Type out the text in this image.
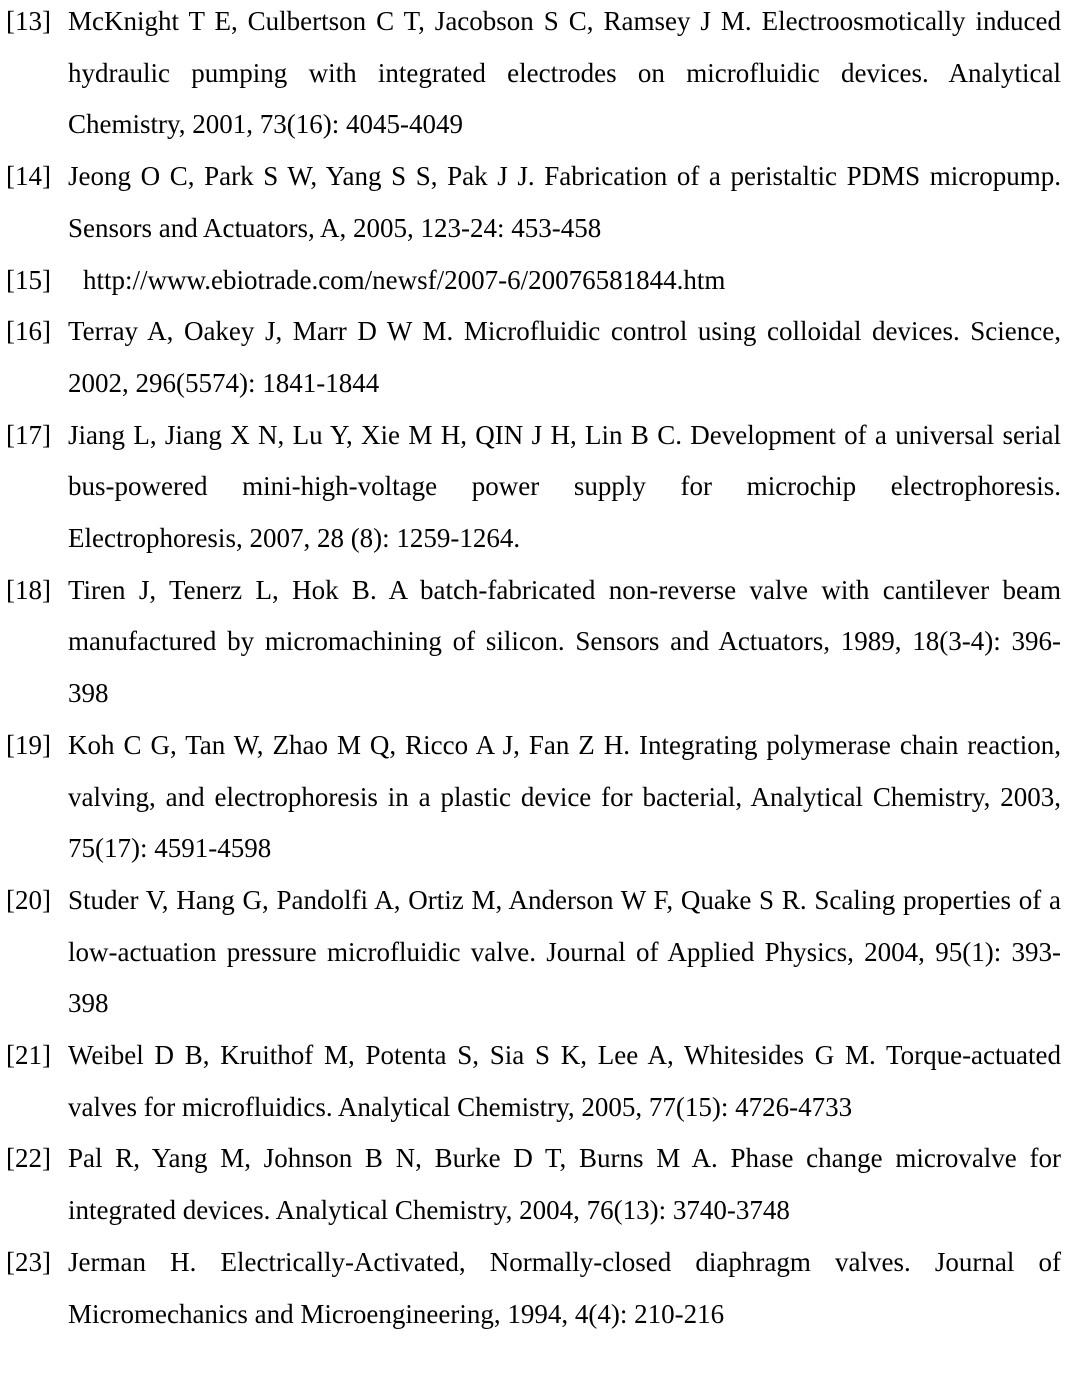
[13] McKnight T E, Culbertson C T, Jacobson S C, Ramsey J M. Electroosmotically induced hydraulic pumping with integrated electrodes on microfluidic devices. Analytical Chemistry, 2001, 73(16): 4045-4049
[14] Jeong O C, Park S W, Yang S S, Pak J J. Fabrication of a peristaltic PDMS micropump. Sensors and Actuators, A, 2005, 123-24: 453-458
[15]	http://www.ebiotrade.com/newsf/2007-6/20076581844.htm
[16] Terray A, Oakey J, Marr D W M. Microfluidic control using colloidal devices. Science, 2002, 296(5574): 1841-1844
[17] Jiang L, Jiang X N, Lu Y, Xie M H, QIN J H, Lin B C. Development of a universal serial bus-powered mini-high-voltage power supply for microchip electrophoresis. Electrophoresis, 2007, 28 (8): 1259-1264.
[18] Tiren J, Tenerz L, Hok B. A batch-fabricated non-reverse valve with cantilever beam manufactured by micromachining of silicon. Sensors and Actuators, 1989, 18(3-4): 396-398
[19] Koh C G, Tan W, Zhao M Q, Ricco A J, Fan Z H. Integrating polymerase chain reaction, valving, and electrophoresis in a plastic device for bacterial, Analytical Chemistry, 2003, 75(17): 4591-4598
[20] Studer V, Hang G, Pandolfi A, Ortiz M, Anderson W F, Quake S R. Scaling properties of a low-actuation pressure microfluidic valve. Journal of Applied Physics, 2004, 95(1): 393-398
[21] Weibel D B, Kruithof M, Potenta S, Sia S K, Lee A, Whitesides G M. Torque-actuated valves for microfluidics. Analytical Chemistry, 2005, 77(15): 4726-4733
[22] Pal R, Yang M, Johnson B N, Burke D T, Burns M A. Phase change microvalve for integrated devices. Analytical Chemistry, 2004, 76(13): 3740-3748
[23] Jerman H. Electrically-Activated, Normally-closed diaphragm valves. Journal of Micromechanics and Microengineering, 1994, 4(4): 210-216
